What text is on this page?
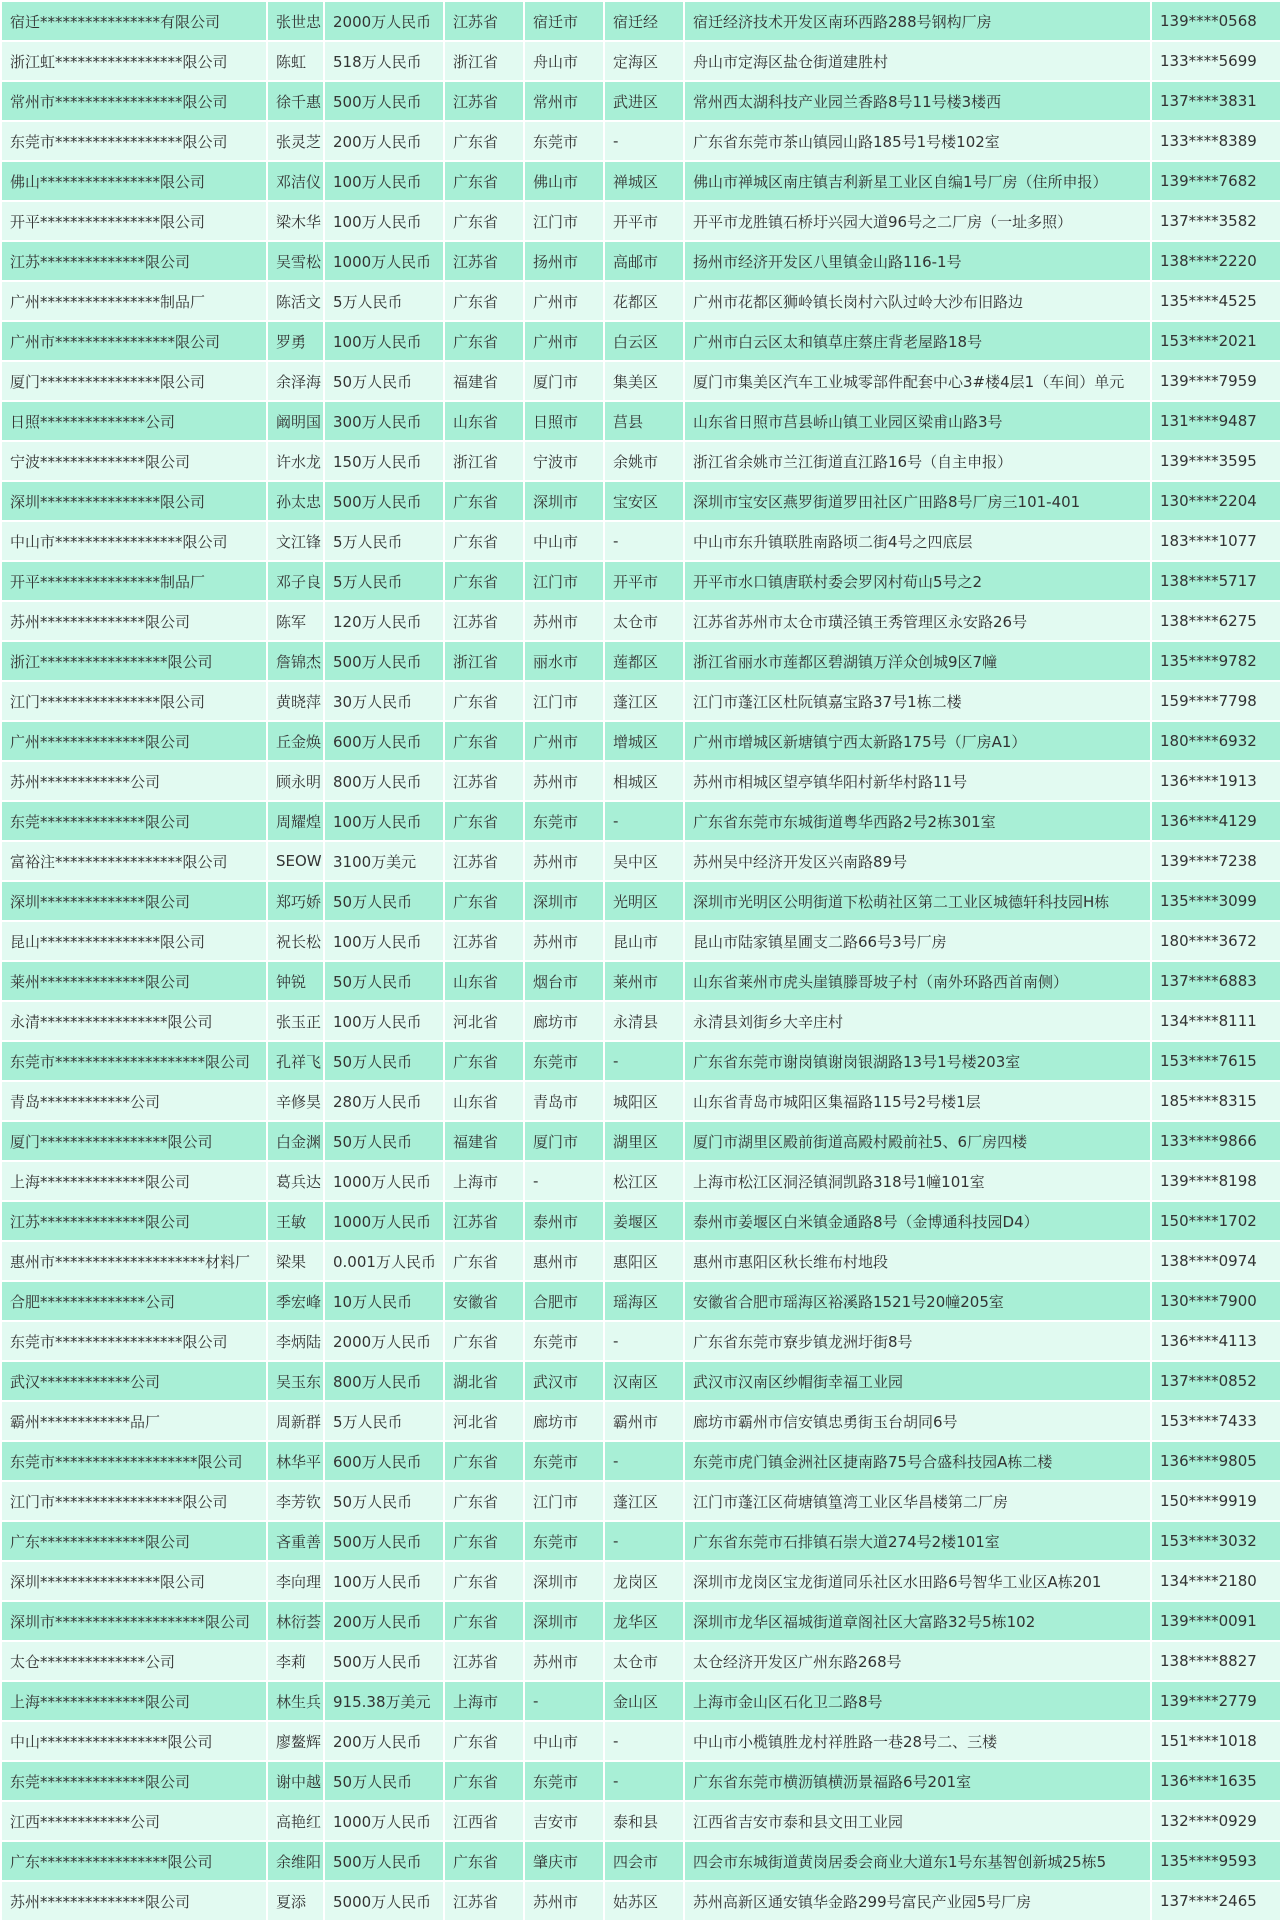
宿迁****************有限公司	张世忠	2000万人民币	江苏省	宿迁市	宿迁经	宿迁经济技术开发区南环西路288号钢构厂房	139****0568
浙江虹*****************限公司	陈虹	518万人民币	浙江省	舟山市	定海区	舟山市定海区盐仓街道建胜村	133****5699
常州市*****************限公司	徐千惠	500万人民币	江苏省	常州市	武进区	常州西太湖科技产业园兰香路8号11号楼3楼西	137****3831
东莞市*****************限公司	张灵芝	200万人民币	广东省	东莞市	-	广东省东莞市茶山镇园山路185号1号楼102室	133****8389
佛山****************限公司	邓洁仪	100万人民币	广东省	佛山市	禅城区	佛山市禅城区南庄镇吉利新星工业区自编1号厂房（住所申报）	139****7682
开平****************限公司	梁木华	100万人民币	广东省	江门市	开平市	开平市龙胜镇石桥圩兴园大道96号之二厂房（一址多照）	137****3582
江苏**************限公司	吴雪松	1000万人民币	江苏省	扬州市	高邮市	扬州市经济开发区八里镇金山路116-1号	138****2220
广州****************制品厂	陈活文	5万人民币	广东省	广州市	花都区	广州市花都区狮岭镇长岗村六队过岭大沙布旧路边	135****4525
广州市****************限公司	罗勇	100万人民币	广东省	广州市	白云区	广州市白云区太和镇草庄蔡庄背老屋路18号	153****2021
厦门****************限公司	余泽海	50万人民币	福建省	厦门市	集美区	厦门市集美区汽车工业城零部件配套中心3#楼4层1（车间）单元	139****7959
日照**************公司	阚明国	300万人民币	山东省	日照市	莒县	山东省日照市莒县峤山镇工业园区梁甫山路3号	131****9487
宁波**************限公司	许水龙	150万人民币	浙江省	宁波市	余姚市	浙江省余姚市兰江街道直江路16号（自主申报）	139****3595
深圳****************限公司	孙太忠	500万人民币	广东省	深圳市	宝安区	深圳市宝安区燕罗街道罗田社区广田路8号厂房三101-401	130****2204
中山市*****************限公司	文江锋	5万人民币	广东省	中山市	-	中山市东升镇联胜南路顷二街4号之四底层	183****1077
开平****************制品厂	邓子良	5万人民币	广东省	江门市	开平市	开平市水口镇唐联村委会罗冈村荀山5号之2	138****5717
苏州**************限公司	陈军	120万人民币	江苏省	苏州市	太仓市	江苏省苏州市太仓市璜泾镇王秀管理区永安路26号	138****6275
浙江*****************限公司	詹锦杰	500万人民币	浙江省	丽水市	莲都区	浙江省丽水市莲都区碧湖镇万洋众创城9区7幢	135****9782
江门****************限公司	黄晓萍	30万人民币	广东省	江门市	蓬江区	江门市蓬江区杜阮镇嘉宝路37号1栋二楼	159****7798
广州**************限公司	丘金焕	600万人民币	广东省	广州市	增城区	广州市增城区新塘镇宁西太新路175号（厂房A1）	180****6932
苏州************公司	顾永明	800万人民币	江苏省	苏州市	相城区	苏州市相城区望亭镇华阳村新华村路11号	136****1913
东莞**************限公司	周耀煌	100万人民币	广东省	东莞市	-	广东省东莞市东城街道粤华西路2号2栋301室	136****4129
富裕注*****************限公司	SEOW	3100万美元	江苏省	苏州市	吴中区	苏州吴中经济开发区兴南路89号	139****7238
深圳**************限公司	郑巧娇	50万人民币	广东省	深圳市	光明区	深圳市光明区公明街道下松萌社区第二工业区城德轩科技园H栋	135****3099
昆山****************限公司	祝长松	100万人民币	江苏省	苏州市	昆山市	昆山市陆家镇星圃支二路66号3号厂房	180****3672
莱州**************限公司	钟锐	50万人民币	山东省	烟台市	莱州市	山东省莱州市虎头崖镇滕哥坡子村（南外环路西首南侧）	137****6883
永清*****************限公司	张玉正	100万人民币	河北省	廊坊市	永清县	永清县刘街乡大辛庄村	134****8111
东莞市********************限公司	孔祥飞	50万人民币	广东省	东莞市	-	广东省东莞市谢岗镇谢岗银湖路13号1号楼203室	153****7615
青岛************公司	辛修昊	280万人民币	山东省	青岛市	城阳区	山东省青岛市城阳区集福路115号2号楼1层	185****8315
厦门*****************限公司	白金渊	50万人民币	福建省	厦门市	湖里区	厦门市湖里区殿前街道高殿村殿前社5、6厂房四楼	133****9866
上海**************限公司	葛兵达	1000万人民币	上海市	-	松江区	上海市松江区洞泾镇洞凯路318号1幢101室	139****8198
江苏**************限公司	王敏	1000万人民币	江苏省	泰州市	姜堰区	泰州市姜堰区白米镇金通路8号（金博通科技园D4）	150****1702
惠州市********************材料厂	梁果	0.001万人民币	广东省	惠州市	惠阳区	惠州市惠阳区秋长维布村地段	138****0974
合肥**************公司	季宏峰	10万人民币	安徽省	合肥市	瑶海区	安徽省合肥市瑶海区裕溪路1521号20幢205室	130****7900
东莞市*****************限公司	李炳陆	2000万人民币	广东省	东莞市	-	广东省东莞市寮步镇龙洲圩街8号	136****4113
武汉************公司	吴玉东	800万人民币	湖北省	武汉市	汉南区	武汉市汉南区纱帽街幸福工业园	137****0852
霸州************品厂	周新群	5万人民币	河北省	廊坊市	霸州市	廊坊市霸州市信安镇忠勇街玉台胡同6号	153****7433
东莞市*******************限公司	林华平	600万人民币	广东省	东莞市	-	东莞市虎门镇金洲社区捷南路75号合盛科技园A栋二楼	136****9805
江门市*****************限公司	李芳钦	50万人民币	广东省	江门市	蓬江区	江门市蓬江区荷塘镇篁湾工业区华昌楼第二厂房	150****9919
广东**************限公司	吝重善	500万人民币	广东省	东莞市	-	广东省东莞市石排镇石崇大道274号2楼101室	153****3032
深圳****************限公司	李向理	100万人民币	广东省	深圳市	龙岗区	深圳市龙岗区宝龙街道同乐社区水田路6号智华工业区A栋201	134****2180
深圳市********************限公司	林衍荟	200万人民币	广东省	深圳市	龙华区	深圳市龙华区福城街道章阁社区大富路32号5栋102	139****0091
太仓**************公司	李莉	500万人民币	江苏省	苏州市	太仓市	太仓经济开发区广州东路268号	138****8827
上海**************限公司	林生兵	915.38万美元	上海市	-	金山区	上海市金山区石化卫二路8号	139****2779
中山*****************限公司	廖鳌辉	200万人民币	广东省	中山市	-	中山市小榄镇胜龙村祥胜路一巷28号二、三楼	151****1018
东莞**************限公司	谢中越	50万人民币	广东省	东莞市	-	广东省东莞市横沥镇横沥景福路6号201室	136****1635
江西************公司	高艳红	1000万人民币	江西省	吉安市	泰和县	江西省吉安市泰和县文田工业园	132****0929
广东*****************限公司	余维阳	500万人民币	广东省	肇庆市	四会市	四会市东城街道黄岗居委会商业大道东1号东基智创新城25栋5	135****9593
苏州**************限公司	夏添	5000万人民币	江苏省	苏州市	姑苏区	苏州高新区通安镇华金路299号富民产业园5号厂房	137****2465
